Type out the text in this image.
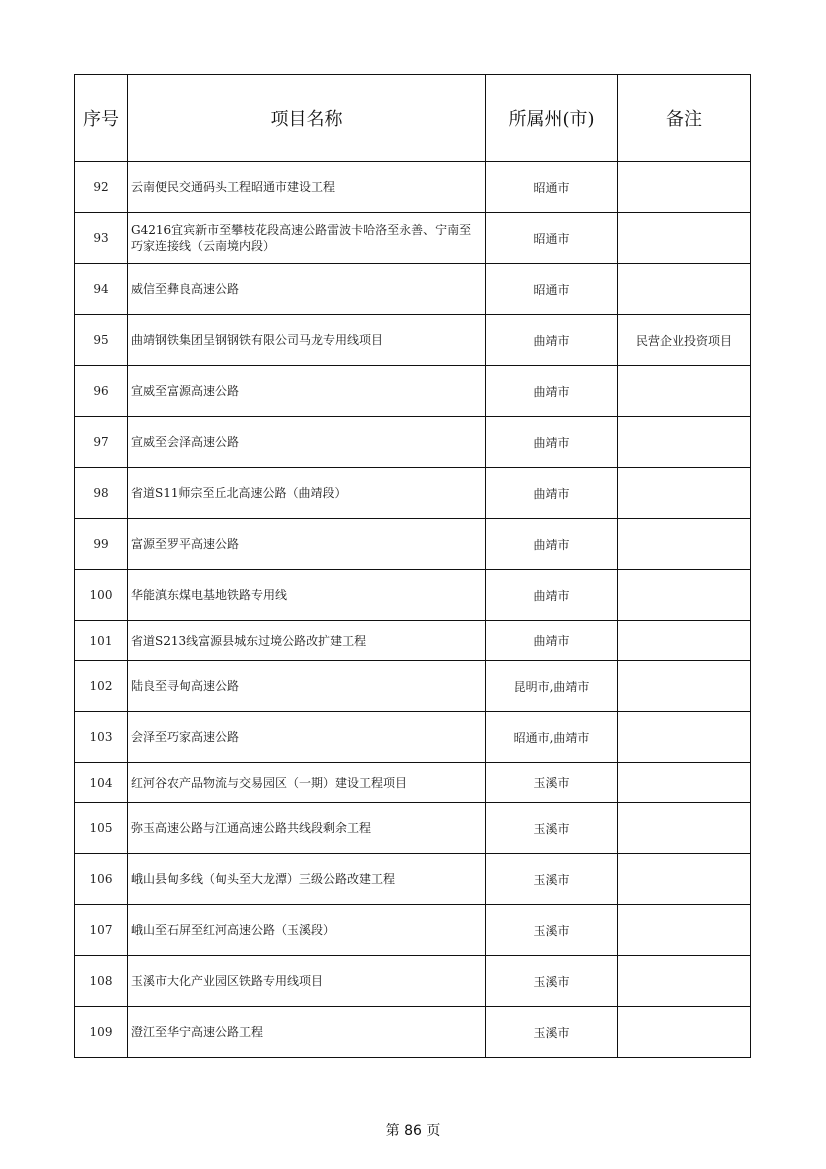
序号	项目名称	所属州(市)	备注
92	云南便民交通码头工程昭通市建设工程	昭通市	
93	G4216宜宾新市至攀枝花段高速公路雷波卡哈洛至永善、宁南至巧家连接线（云南境内段）	昭通市	
94	威信至彝良高速公路	昭通市	
95	曲靖钢铁集团呈钢钢铁有限公司马龙专用线项目	曲靖市	民营企业投资项目
96	宣威至富源高速公路	曲靖市	
97	宣威至会泽高速公路	曲靖市	
98	省道S11师宗至丘北高速公路（曲靖段）	曲靖市	
99	富源至罗平高速公路	曲靖市	
100	华能滇东煤电基地铁路专用线	曲靖市	
101	省道S213线富源县城东过境公路改扩建工程	曲靖市	
102	陆良至寻甸高速公路	昆明市,曲靖市	
103	会泽至巧家高速公路	昭通市,曲靖市	
104	红河谷农产品物流与交易园区（一期）建设工程项目	玉溪市	
105	弥玉高速公路与江通高速公路共线段剩余工程	玉溪市	
106	峨山县甸多线（甸头至大龙潭）三级公路改建工程	玉溪市	
107	峨山至石屏至红河高速公路（玉溪段）	玉溪市	
108	玉溪市大化产业园区铁路专用线项目	玉溪市	
109	澄江至华宁高速公路工程	玉溪市	
第 86 页
